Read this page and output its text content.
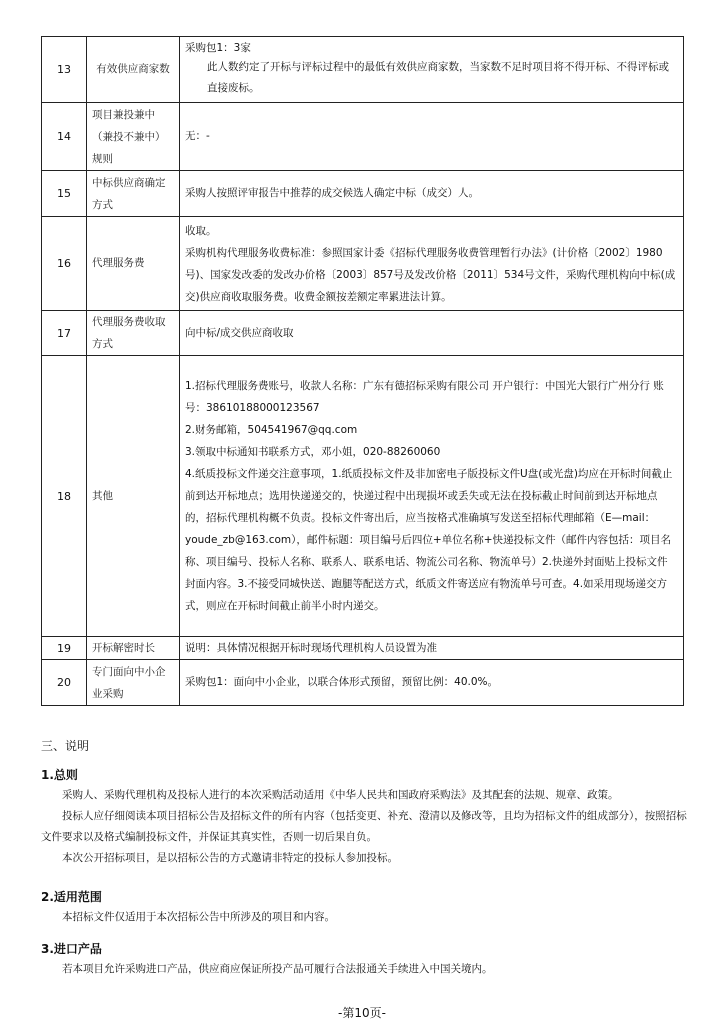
13	有效供应商家数	采购包1：3家
此人数约定了开标与评标过程中的最低有效供应商家数，当家数不足时项目将不得开标、不得评标或直接废标。

14	项目兼投兼中（兼投不兼中）规则	无：-

15	中标供应商确定方式	采购人按照评审报告中推荐的成交候选人确定中标（成交）人。

16	代理服务费	收取。
采购机构代理服务收费标准：参照国家计委《招标代理服务收费管理暂行办法》(计价格〔2002〕1980号)、国家发改委的发改办价格〔2003〕857号及发改价格〔2011〕534号文件，采购代理机构向中标(成交)供应商收取服务费。收费金额按差额定率累进法计算。

17	代理服务费收取方式	向中标/成交供应商收取

18	其他	1.招标代理服务费账号，收款人名称：广东有德招标采购有限公司 开户银行：中国光大银行广州分行 账 号：38610188000123567
2.财务邮箱，504541967@qq.com
3.领取中标通知书联系方式，邓小姐，020-88260060
4.纸质投标文件递交注意事项，1.纸质投标文件及非加密电子版投标文件U盘(或光盘)均应在开标时间截止前到达开标地点；选用快递递交的，快递过程中出现损坏或丢失或无法在投标截止时间前到达开标地点的，招标代理机构概不负责。投标文件寄出后，应当按格式准确填写发送至招标代理邮箱（E—mail：youde_zb@163.com），邮件标题：项目编号后四位+单位名称+快递投标文件（邮件内容包括：项目名称、项目编号、投标人名称、联系人、联系电话、物流公司名称、物流单号）2.快递外封面贴上投标文件封面内容。3.不接受同城快送、跑腿等配送方式，纸质文件寄送应有物流单号可查。4.如采用现场递交方式，则应在开标时间截止前半小时内递交。

19	开标解密时长	说明：具体情况根据开标时现场代理机构人员设置为准

20	专门面向中小企业采购	采购包1：面向中小企业，以联合体形式预留，预留比例：40.0%。
三、说明
1.总则

采购人、采购代理机构及投标人进行的本次采购活动适用《中华人民共和国政府采购法》及其配套的法规、规章、政策。

投标人应仔细阅读本项目招标公告及招标文件的所有内容（包括变更、补充、澄清以及修改等，且均为招标文件的组成部分），按照招标文件要求以及格式编制投标文件，并保证其真实性，否则一切后果自负。

本次公开招标项目，是以招标公告的方式邀请非特定的投标人参加投标。

2.适用范围

本招标文件仅适用于本次招标公告中所涉及的项目和内容。

3.进口产品

若本项目允许采购进口产品，供应商应保证所投产品可履行合法报通关手续进入中国关境内。

-第10页-
